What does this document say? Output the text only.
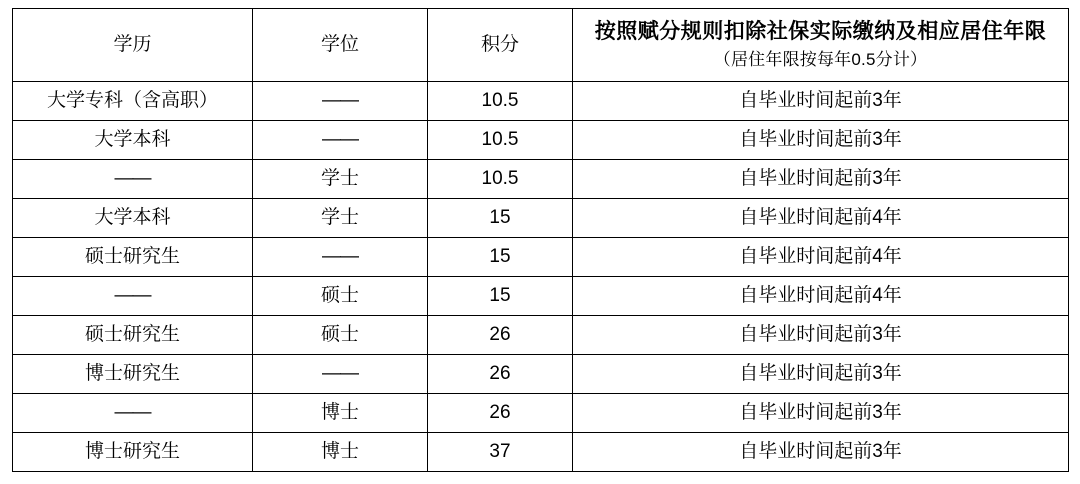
学历	学位	积分	按照赋分规则扣除社保实际缴纳及相应居住年限
（居住年限按每年0.5分计）

大学专科（含高职）	——	10.5	自毕业时间起前3年
大学本科	——	10.5	自毕业时间起前3年
——	学士	10.5	自毕业时间起前3年
大学本科	学士	15	自毕业时间起前4年
硕士研究生	——	15	自毕业时间起前4年
——	硕士	15	自毕业时间起前4年
硕士研究生	硕士	26	自毕业时间起前3年
博士研究生	——	26	自毕业时间起前3年
——	博士	26	自毕业时间起前3年
博士研究生	博士	37	自毕业时间起前3年
